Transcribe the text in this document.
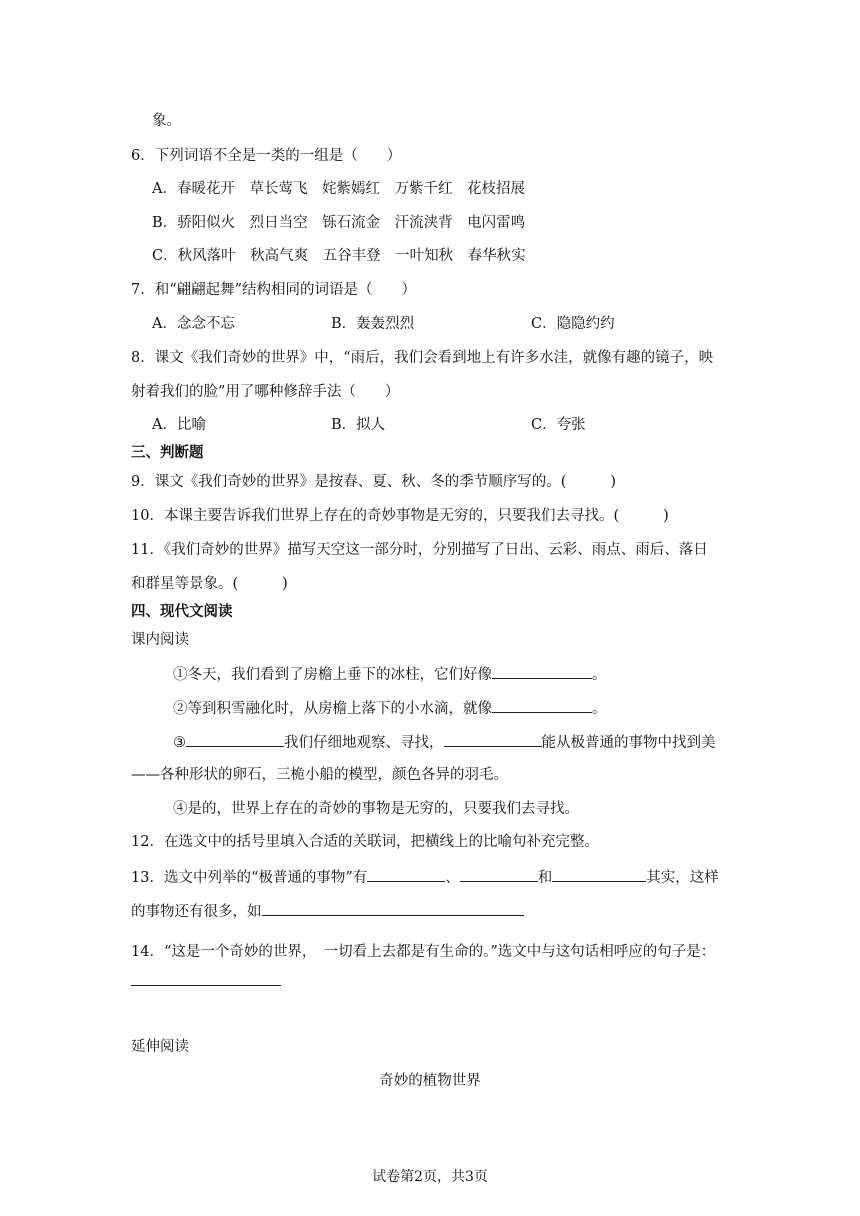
象。
6．下列词语不全是一类的一组是（　　）
A．春暖花开　草长莺飞　姹紫嫣红　万紫千红　花枝招展
B．骄阳似火　烈日当空　铄石流金　汗流浃背　电闪雷鸣
C．秋风落叶　秋高气爽　五谷丰登　一叶知秋　春华秋实
7．和“翩翩起舞”结构相同的词语是（　　）
A．念念不忘	B．轰轰烈烈	C．隐隐约约
8．课文《我们奇妙的世界》中，“雨后，我们会看到地上有许多水洼，就像有趣的镜子，映
射着我们的脸”用了哪种修辞手法（　　）
A．比喻	B．拟人	C．夸张
三、判断题
9．课文《我们奇妙的世界》是按春、夏、秋、冬的季节顺序写的。(	)
10．本课主要告诉我们世界上存在的奇妙事物是无穷的，只要我们去寻找。(	)
11．《我们奇妙的世界》描写天空这一部分时，分别描写了日出、云彩、雨点、雨后、落日
和群星等景象。(	)
四、现代文阅读
课内阅读
①冬天，我们看到了房檐上垂下的冰柱，它们好像	。
②等到积雪融化时，从房檐上落下的小水滴，就像	。
③	我们仔细地观察、寻找，	能从极普通的事物中找到美
——各种形状的卵石，三桅小船的模型，颜色各异的羽毛。
④是的，世界上存在的奇妙的事物是无穷的，只要我们去寻找。
12．在选文中的括号里填入合适的关联词，把横线上的比喻句补充完整。
13．选文中列举的“极普通的事物”有	、	和	其实，这样
的事物还有很多，如
14．“这是一个奇妙的世界，　一切看上去都是有生命的。”选文中与这句话相呼应的句子是：
延伸阅读
奇妙的植物世界
试卷第2页，共3页
